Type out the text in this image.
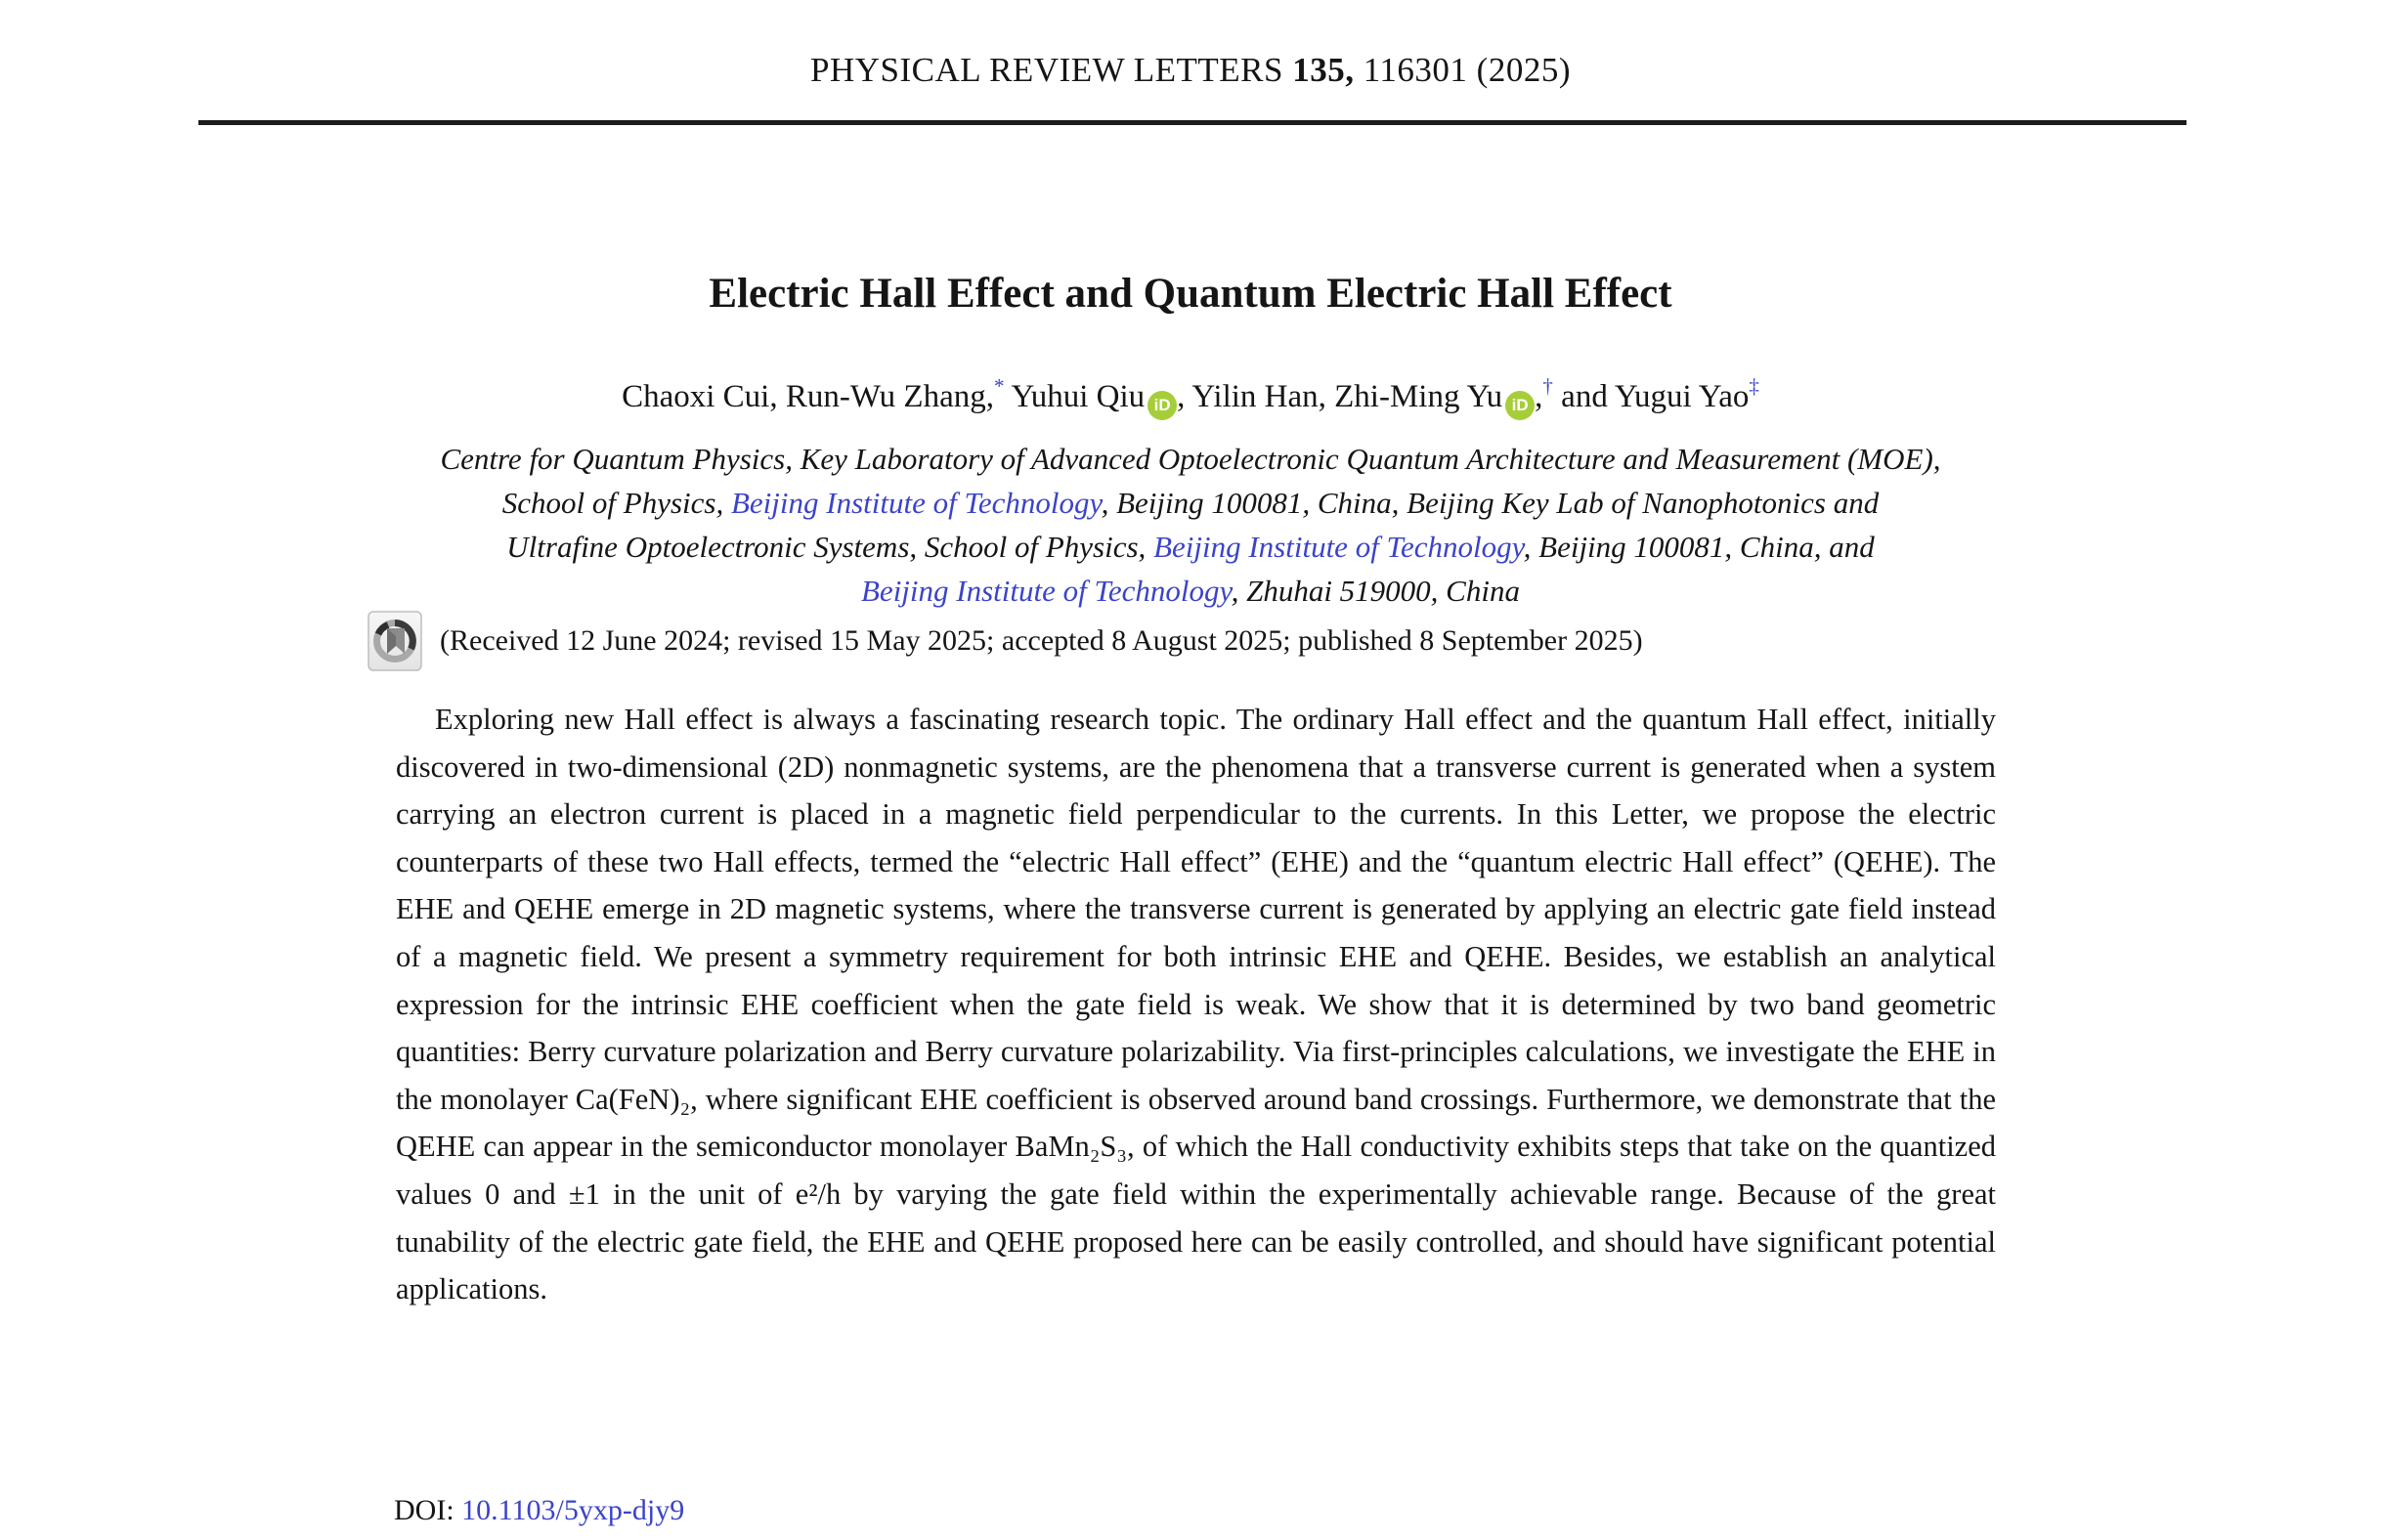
PHYSICAL REVIEW LETTERS 135, 116301 (2025)
Electric Hall Effect and Quantum Electric Hall Effect
Chaoxi Cui, Run-Wu Zhang,* Yuhui Qiu iD , Yilin Han, Zhi-Ming Yu iD ,† and Yugui Yao‡
Centre for Quantum Physics, Key Laboratory of Advanced Optoelectronic Quantum Architecture and Measurement (MOE),
School of Physics, Beijing Institute of Technology, Beijing 100081, China, Beijing Key Lab of Nanophotonics and
Ultrafine Optoelectronic Systems, School of Physics, Beijing Institute of Technology, Beijing 100081, China, and
Beijing Institute of Technology, Zhuhai 519000, China
(Received 12 June 2024; revised 15 May 2025; accepted 8 August 2025; published 8 September 2025)

Exploring new Hall effect is always a fascinating research topic. The ordinary Hall effect and the quantum Hall effect, initially discovered in two-dimensional (2D) nonmagnetic systems, are the phenomena that a transverse current is generated when a system carrying an electron current is placed in a magnetic field perpendicular to the currents. In this Letter, we propose the electric counterparts of these two Hall effects, termed the “electric Hall effect” (EHE) and the “quantum electric Hall effect” (QEHE). The EHE and QEHE emerge in 2D magnetic systems, where the transverse current is generated by applying an electric gate field instead of a magnetic field. We present a symmetry requirement for both intrinsic EHE and QEHE. Besides, we establish an analytical expression for the intrinsic EHE coefficient when the gate field is weak. We show that it is determined by two band geometric quantities: Berry curvature polarization and Berry curvature polarizability. Via first-principles calculations, we investigate the EHE in the monolayer Ca(FeN)₂, where significant EHE coefficient is observed around band crossings. Furthermore, we demonstrate that the QEHE can appear in the semiconductor monolayer BaMn₂S₃, of which the Hall conductivity exhibits steps that take on the quantized values 0 and ±1 in the unit of e²/h by varying the gate field within the experimentally achievable range. Because of the great tunability of the electric gate field, the EHE and QEHE proposed here can be easily controlled, and should have significant potential applications.

DOI: 10.1103/5yxp-djy9
